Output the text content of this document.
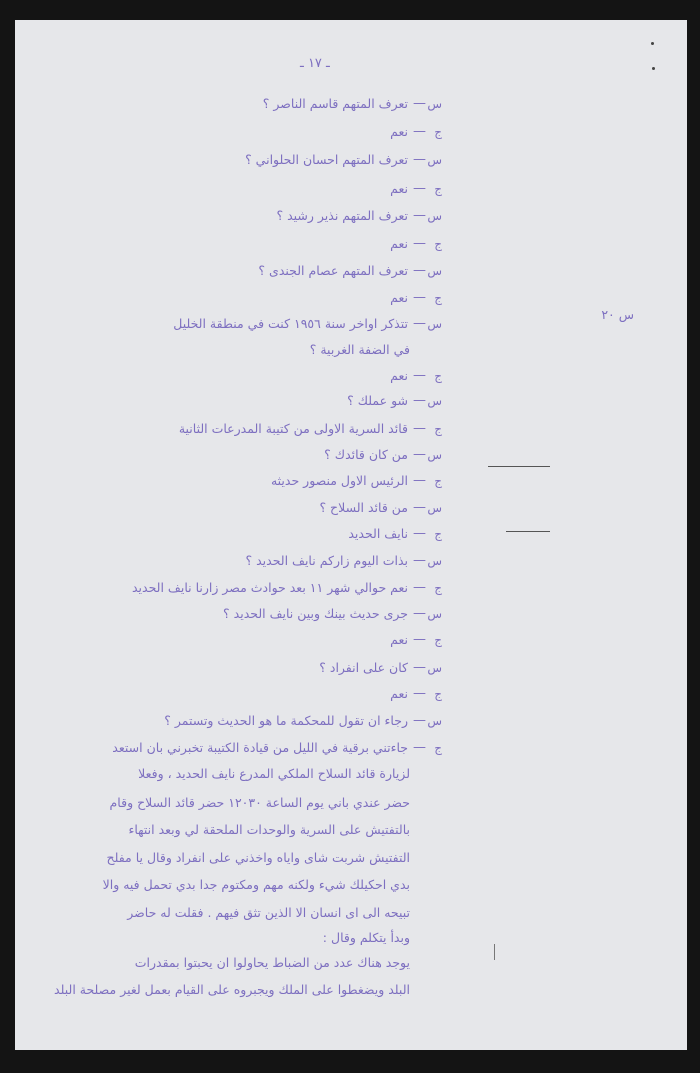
ـ ١٧ ـ
س ٢٠
س
—
تعرف المتهم قاسم الناصر ؟
ج
—
نعم
س
—
تعرف المتهم احسان الحلواني ؟
ج
—
نعم
س
—
تعرف المتهم نذير رشيد ؟
ج
—
نعم
س
—
تعرف المتهم عصام الجندى ؟
ج
—
نعم
س
—
تتذكر اواخر سنة ١٩٥٦ كنت في منطقة الخليل
في الضفة الغربية ؟
ج
—
نعم
س
—
شو عملك ؟
ج
—
قائد السرية الاولى من كتيبة المدرعات الثانية
س
—
من كان قائدك ؟
ج
—
الرئيس الاول منصور حديثه
س
—
من قائد السلاح ؟
ج
—
نايف الحديد
س
—
بذات اليوم زاركم نايف الحديد ؟
ج
—
نعم حوالي شهر ١١ بعد حوادث مصر زارنا نايف الحديد
س
—
جرى حديث بينك وبين نايف الحديد ؟
ج
—
نعم
س
—
كان على انفراد ؟
ج
—
نعم
س
—
رجاء ان تقول للمحكمة ما هو الحديث وتستمر ؟
ج
—
جاءتني برقية في الليل من قيادة الكتيبة تخبرني بان استعد
لزيارة قائد السلاح الملكي المدرع نايف الحديد ، وفعلا
حضر عندي باني يوم الساعة ١٢٠٣٠ حضر قائد السلاح وقام
بالتفتيش على السرية والوحدات الملحقة لي وبعد انتهاء
التفتيش شربت شاى واياه واخذني على انفراد وقال يا مفلح
بدي احكيلك شيء ولكنه مهم ومكتوم جدا بدي تحمل فيه والا
تبيحه الى اى انسان الا الذين تثق فيهم . فقلت له حاضر
وبدأ يتكلم وقال :
يوجد هناك عدد من الضباط يحاولوا ان يحبتوا بمقدرات
البلد ويضغطوا على الملك ويجبروه على القيام بعمل لغير مصلحة البلد
